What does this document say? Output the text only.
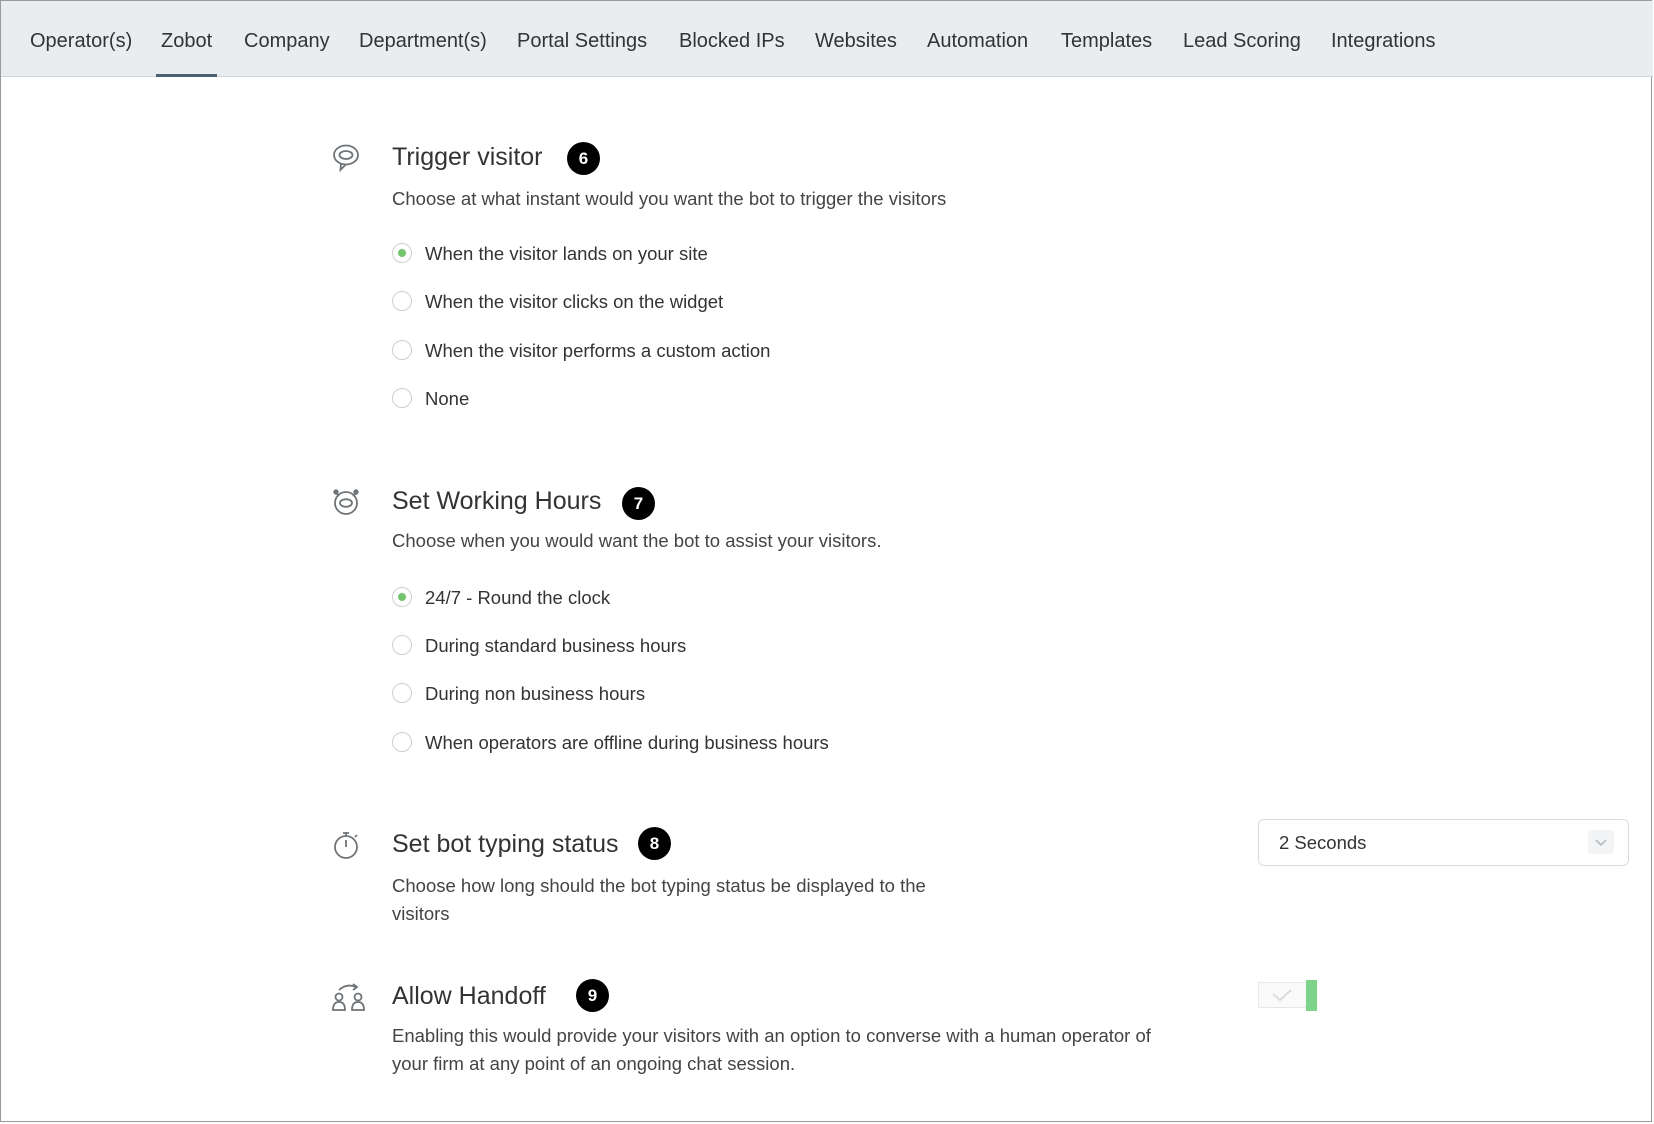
Operator(s) Zobot Company Department(s) Portal Settings Blocked IPs Websites Automation Templates Lead Scoring Integrations
Trigger visitor	6
Choose at what instant would you want the bot to trigger the visitors
When the visitor lands on your site
When the visitor clicks on the widget
When the visitor performs a custom action
None
Set Working Hours	7
Choose when you would want the bot to assist your visitors.
24/7 - Round the clock
During standard business hours
During non business hours
When operators are offline during business hours
Set bot typing status	8
Choose how long should the bot typing status be displayed to the
visitors
2 Seconds
Allow Handoff	9
Enabling this would provide your visitors with an option to converse with a human operator of
your firm at any point of an ongoing chat session.
